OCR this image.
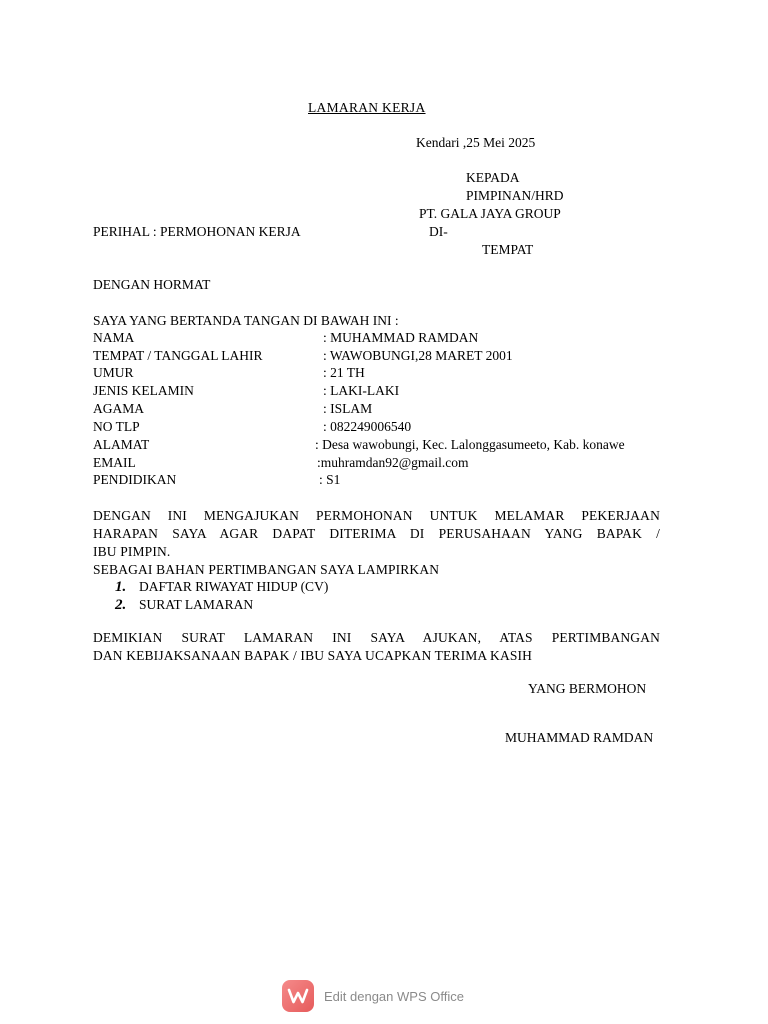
LAMARAN KERJA
Kendari ,25 Mei 2025
KEPADA
PIMPINAN/HRD
PT. GALA JAYA GROUP
PERIHAL : PERMOHONAN KERJA	DI-
TEMPAT
DENGAN HORMAT
SAYA YANG BERTANDA TANGAN DI BAWAH INI :
NAMA	: MUHAMMAD RAMDAN
TEMPAT / TANGGAL LAHIR	: WAWOBUNGI,28 MARET 2001
UMUR	: 21 TH
JENIS KELAMIN	: LAKI-LAKI
AGAMA	: ISLAM
NO TLP	: 082249006540
ALAMAT	: Desa wawobungi, Kec. Lalonggasumeeto, Kab. konawe
EMAIL	:muhramdan92@gmail.com
PENDIDIKAN	: S1
DENGAN INI MENGAJUKAN PERMOHONAN UNTUK MELAMAR PEKERJAAN
HARAPAN SAYA AGAR DAPAT DITERIMA DI PERUSAHAAN YANG BAPAK /
IBU PIMPIN.
SEBAGAI BAHAN PERTIMBANGAN SAYA LAMPIRKAN
1. DAFTAR RIWAYAT HIDUP (CV)
2. SURAT LAMARAN
DEMIKIAN SURAT LAMARAN INI SAYA AJUKAN, ATAS PERTIMBANGAN
DAN KEBIJAKSANAAN BAPAK / IBU SAYA UCAPKAN TERIMA KASIH
YANG BERMOHON
MUHAMMAD RAMDAN
Edit dengan WPS Office
